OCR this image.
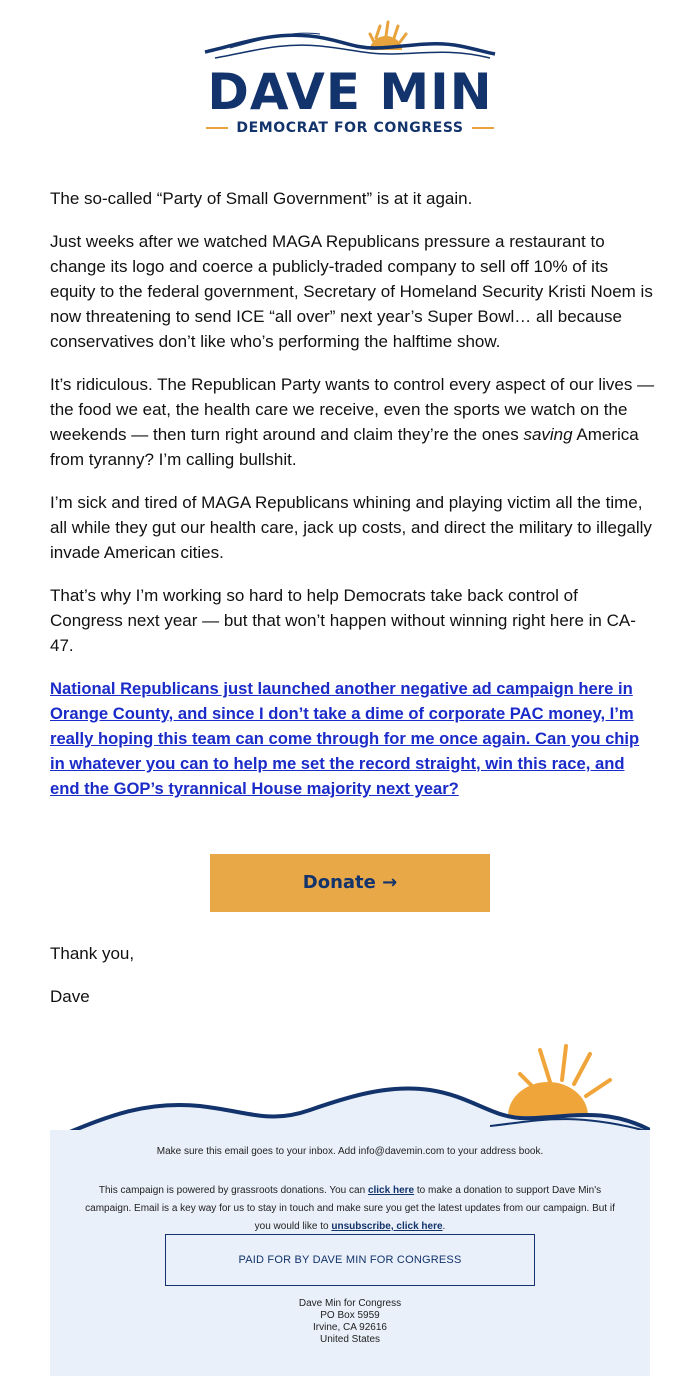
DAVE MIN
DEMOCRAT FOR CONGRESS

The so-called “Party of Small Government” is at it again.

Just weeks after we watched MAGA Republicans pressure a restaurant to change its logo and coerce a publicly-traded company to sell off 10% of its equity to the federal government, Secretary of Homeland Security Kristi Noem is now threatening to send ICE “all over” next year’s Super Bowl… all because conservatives don’t like who’s performing the halftime show.

It’s ridiculous. The Republican Party wants to control every aspect of our lives — the food we eat, the health care we receive, even the sports we watch on the weekends — then turn right around and claim they’re the ones saving America from tyranny? I’m calling bullshit.

I’m sick and tired of MAGA Republicans whining and playing victim all the time, all while they gut our health care, jack up costs, and direct the military to illegally invade American cities.

That’s why I’m working so hard to help Democrats take back control of Congress next year — but that won’t happen without winning right here in CA-47.

National Republicans just launched another negative ad campaign here in Orange County, and since I don’t take a dime of corporate PAC money, I’m really hoping this team can come through for me once again. Can you chip in whatever you can to help me set the record straight, win this race, and end the GOP’s tyrannical House majority next year?

Donate →
Thank you,
Dave
Make sure this email goes to your inbox. Add info@davemin.com to your address book.
This campaign is powered by grassroots donations. You can click here to make a donation to support Dave Min's campaign. Email is a key way for us to stay in touch and make sure you get the latest updates from our campaign. But if you would like to unsubscribe, click here.
PAID FOR BY DAVE MIN FOR CONGRESS
Dave Min for Congress
PO Box 5959
Irvine, CA 92616
United States
